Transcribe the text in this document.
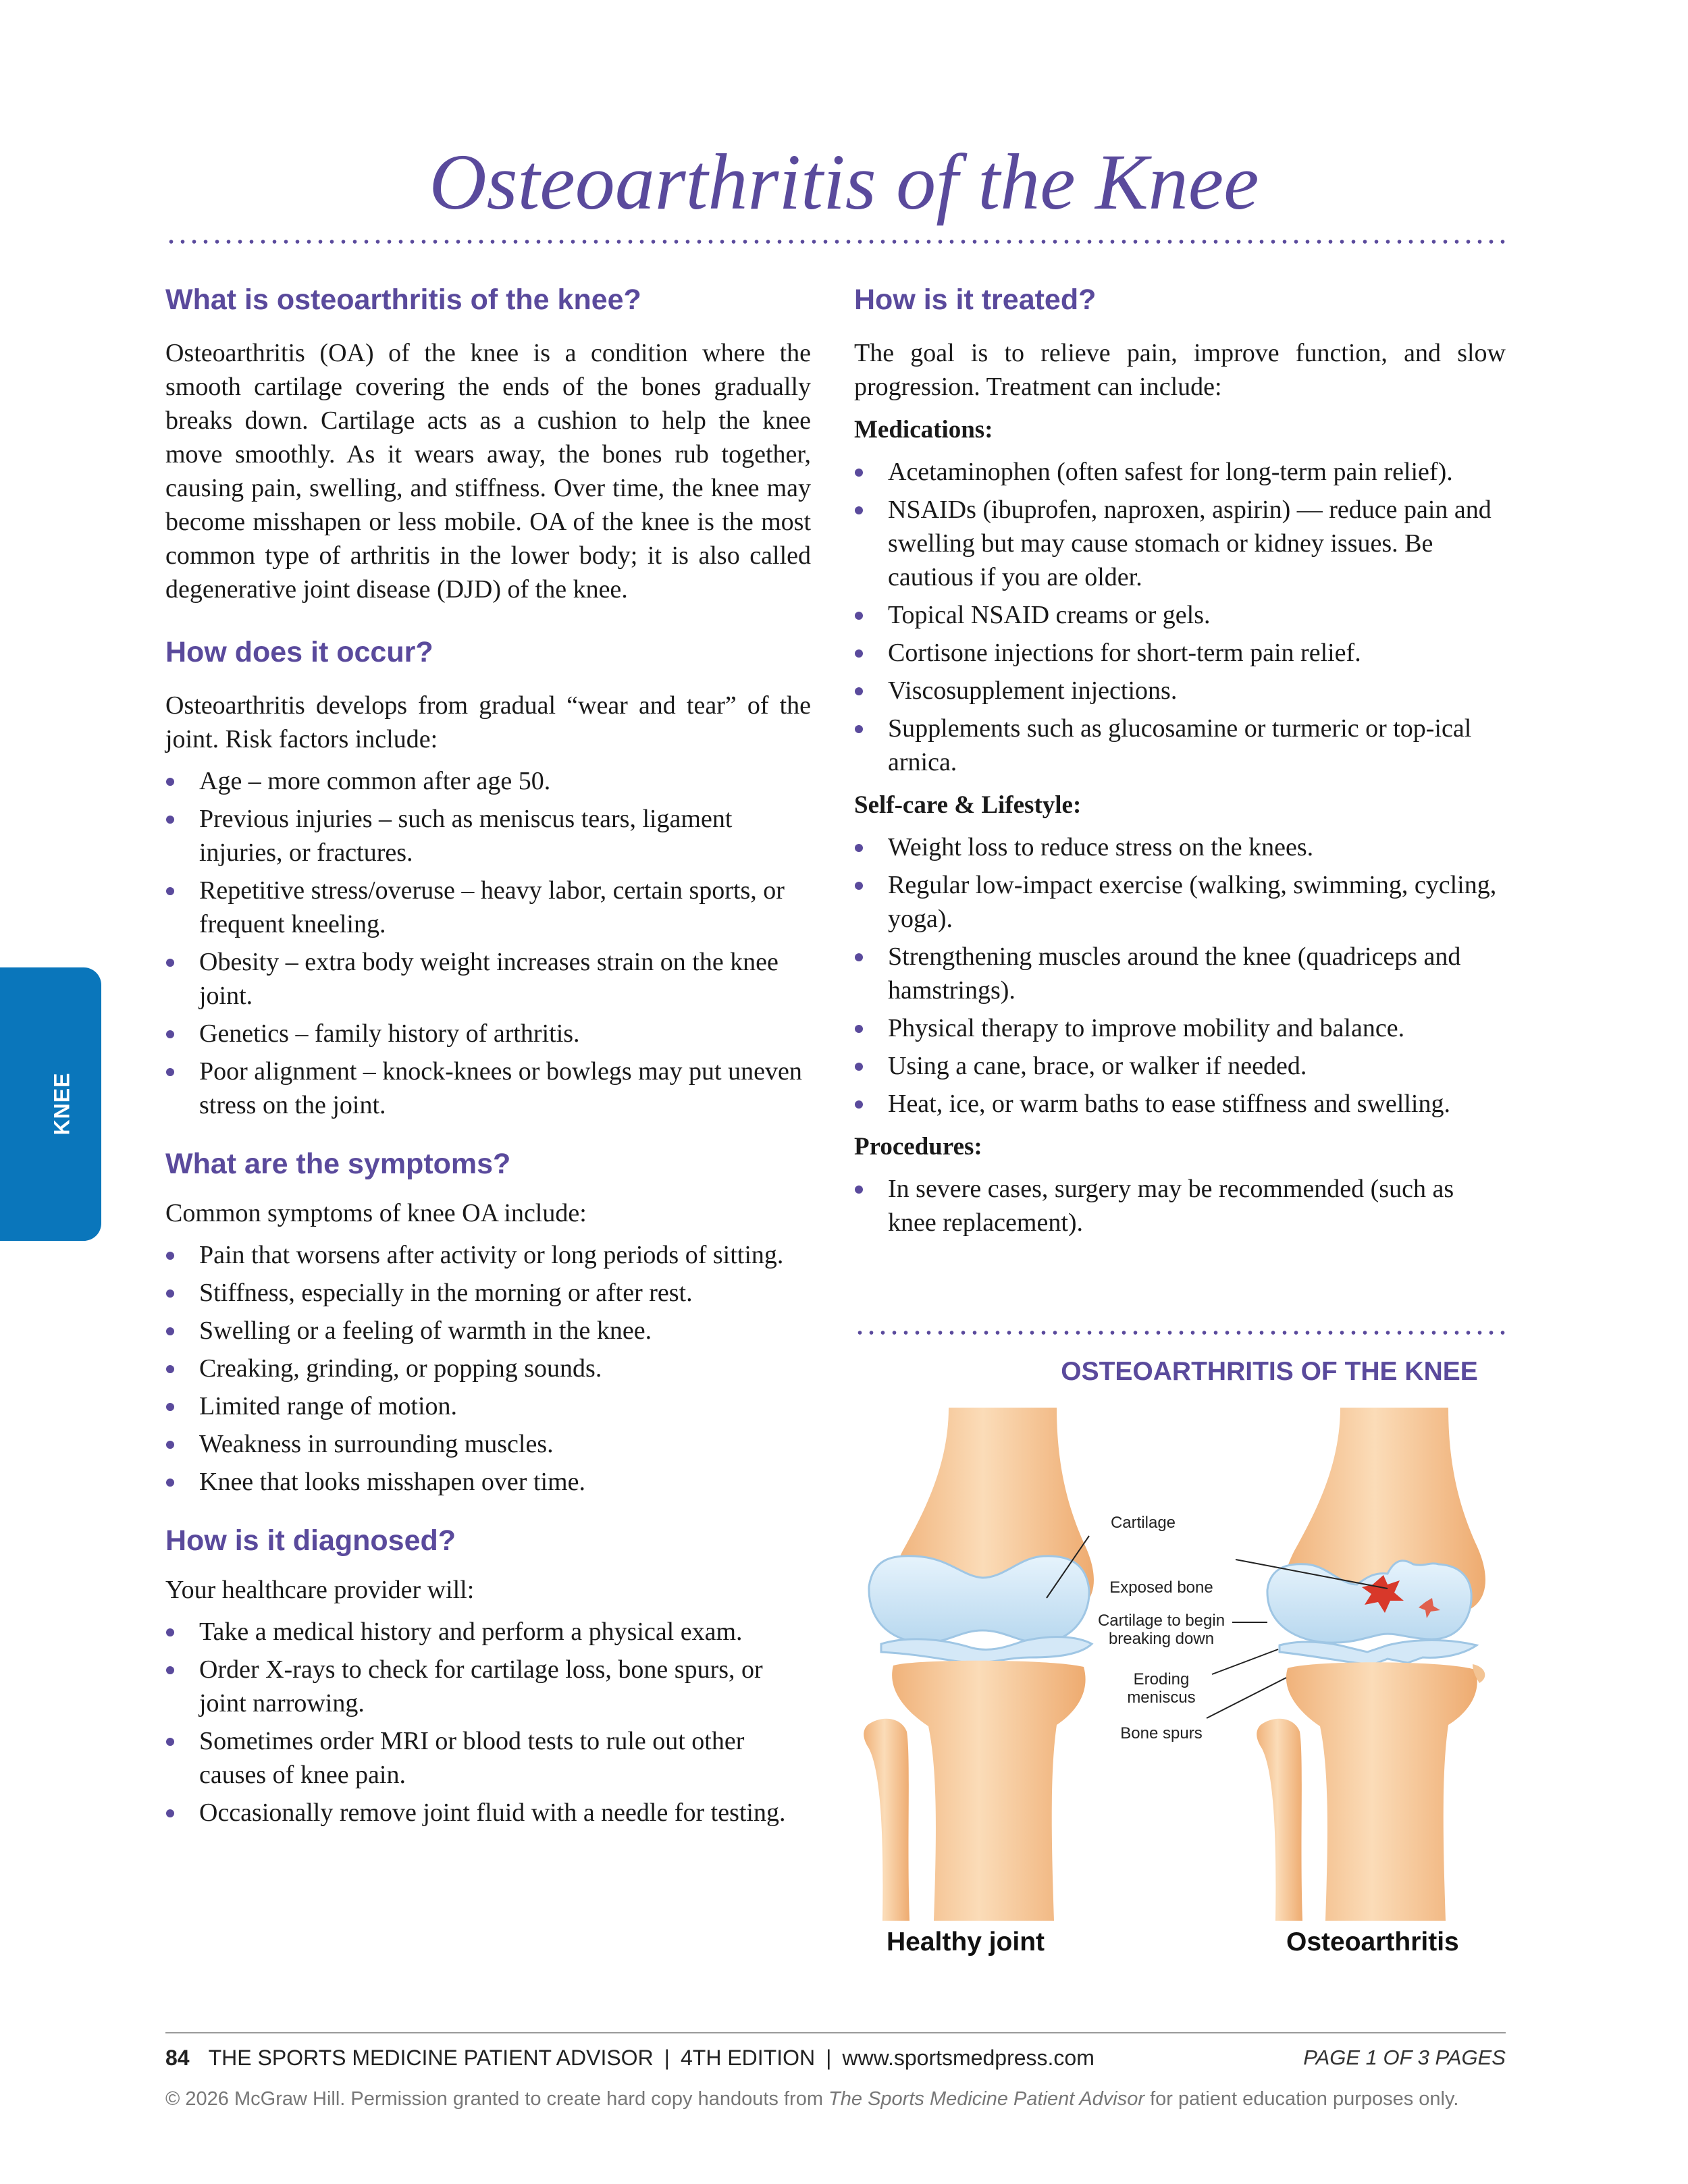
Osteoarthritis of the Knee
KNEE
What is osteoarthritis of the knee?

Osteoarthritis (OA) of the knee is a condition where the smooth cartilage covering the ends of the bones gradually breaks down. Cartilage acts as a cushion to help the knee move smoothly. As it wears away, the bones rub together, causing pain, swelling, and stiffness. Over time, the knee may become misshapen or less mobile. OA of the knee is the most common type of arthritis in the lower body; it is also called degenerative joint disease (DJD) of the knee.

How does it occur?

Osteoarthritis develops from gradual “wear and tear” of the joint. Risk factors include:

Age – more common after age 50.
Previous injuries – such as meniscus tears, ligament injuries, or fractures.
Repetitive stress/overuse – heavy labor, certain sports, or frequent kneeling.
Obesity – extra body weight increases strain on the knee joint.
Genetics – family history of arthritis.
Poor alignment – knock-knees or bowlegs may put uneven stress on the joint.
What are the symptoms?

Common symptoms of knee OA include:

Pain that worsens after activity or long periods of sitting.
Stiffness, especially in the morning or after rest.
Swelling or a feeling of warmth in the knee.
Creaking, grinding, or popping sounds.
Limited range of motion.
Weakness in surrounding muscles.
Knee that looks misshapen over time.
How is it diagnosed?

Your healthcare provider will:

Take a medical history and perform a physical exam.
Order X-rays to check for cartilage loss, bone spurs, or joint narrowing.
Sometimes order MRI or blood tests to rule out other causes of knee pain.
Occasionally remove joint fluid with a needle for testing.
How is it treated?

The goal is to relieve pain, improve function, and slow progression. Treatment can include:

Medications:
Acetaminophen (often safest for long-term pain relief).
NSAIDs (ibuprofen, naproxen, aspirin) — reduce pain and swelling but may cause stomach or kidney issues. Be cautious if you are older.
Topical NSAID creams or gels.
Cortisone injections for short-term pain relief.
Viscosupplement injections.
Supplements such as glucosamine or turmeric or top-ical arnica.
Self-care & Lifestyle:
Weight loss to reduce stress on the knees.
Regular low-impact exercise (walking, swimming, cycling, yoga).
Strengthening muscles around the knee (quadriceps and hamstrings).
Physical therapy to improve mobility and balance.
Using a cane, brace, or walker if needed.
Heat, ice, or warm baths to ease stiffness and swelling.
Procedures:
In severe cases, surgery may be recommended (such as knee replacement).
OSTEOARTHRITIS OF THE KNEE
Cartilage
Exposed bone
Cartilage to begin
breaking down
Eroding
meniscus
Bone spurs
Healthy joint	Osteoarthritis
84 THE SPORTS MEDICINE PATIENT ADVISOR | 4TH EDITION | www.sportsmedpress.com	PAGE 1 OF 3 PAGES
© 2026 McGraw Hill. Permission granted to create hard copy handouts from The Sports Medicine Patient Advisor for patient education purposes only.
